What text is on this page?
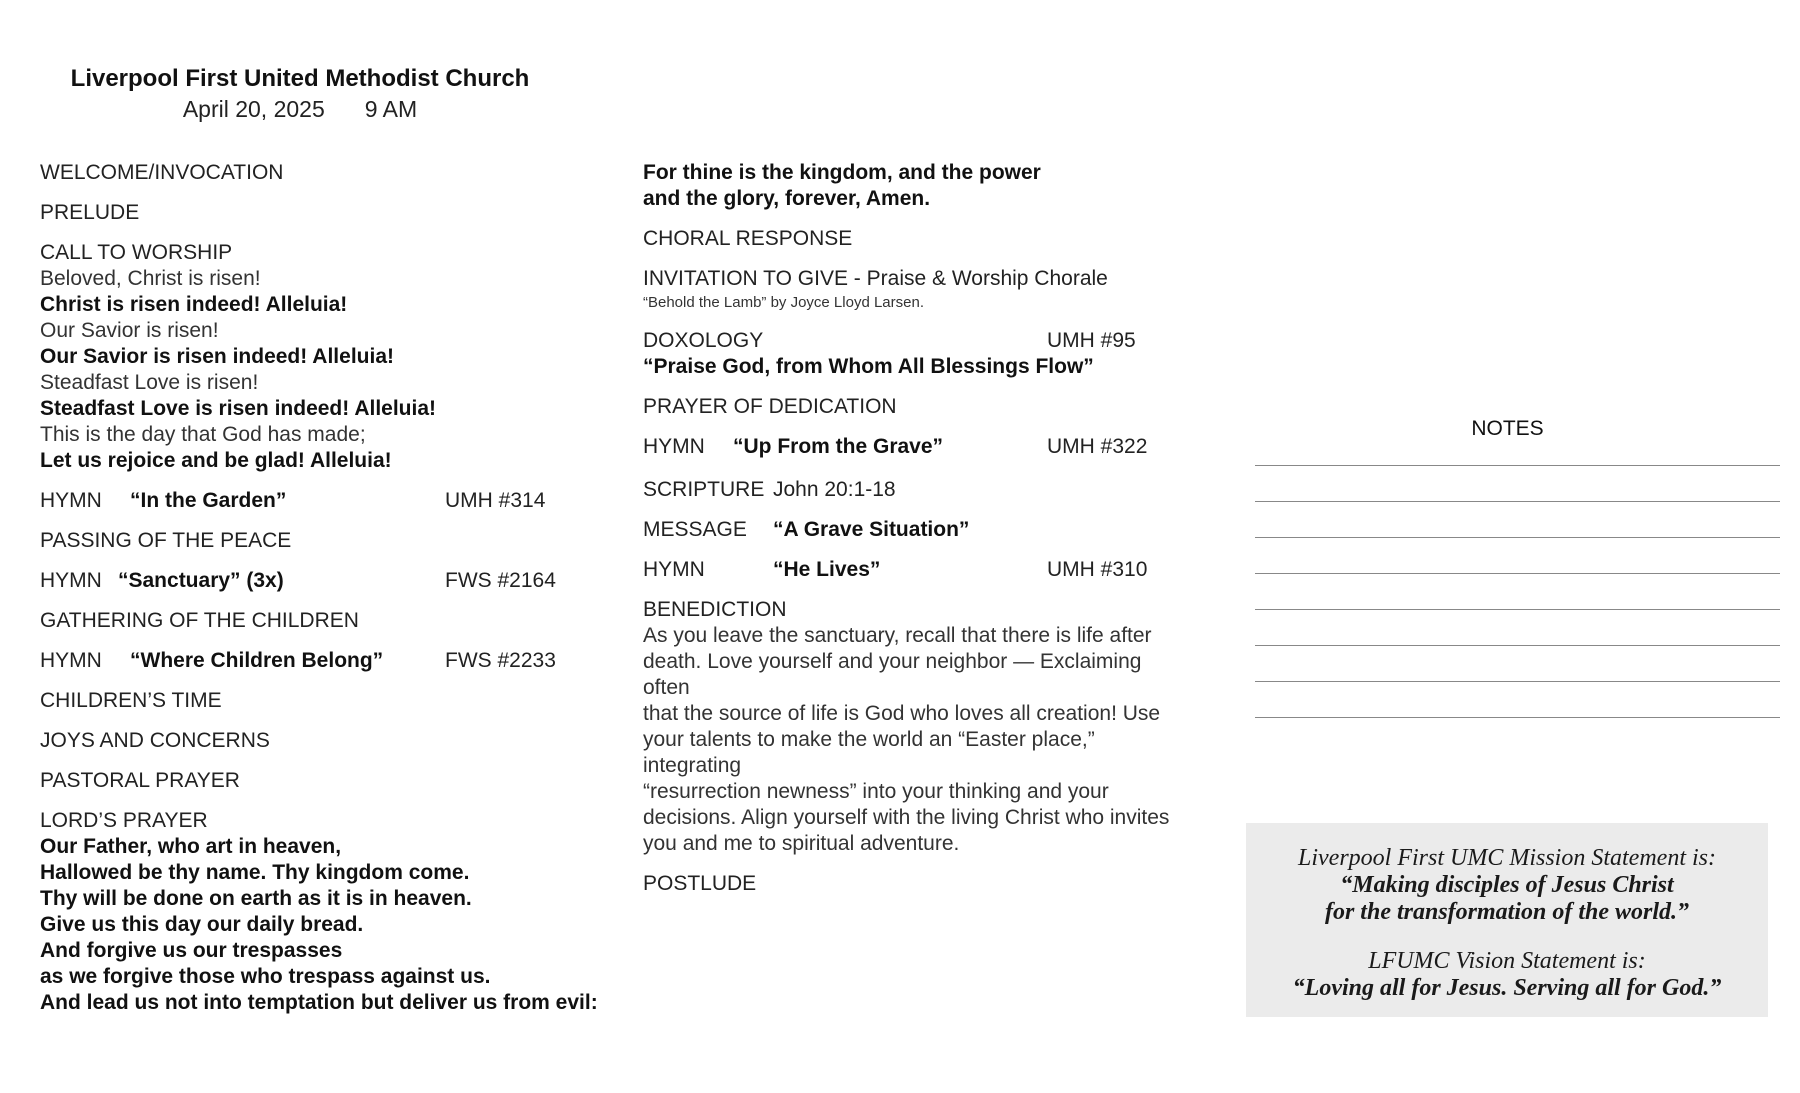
Liverpool First United Methodist Church
April 20, 2025 9 AM
WELCOME/INVOCATION
PRELUDE
CALL TO WORSHIP
Beloved, Christ is risen!
Christ is risen indeed! Alleluia!
Our Savior is risen!
Our Savior is risen indeed! Alleluia!
Steadfast Love is risen!
Steadfast Love is risen indeed! Alleluia!
This is the day that God has made;
Let us rejoice and be glad! Alleluia!
HYMN “In the Garden”	UMH #314
PASSING OF THE PEACE
HYMN “Sanctuary” (3x)	FWS #2164
GATHERING OF THE CHILDREN
HYMN “Where Children Belong”	FWS #2233
CHILDREN’S TIME
JOYS AND CONCERNS
PASTORAL PRAYER
LORD’S PRAYER
Our Father, who art in heaven,
Hallowed be thy name. Thy kingdom come.
Thy will be done on earth as it is in heaven.
Give us this day our daily bread.
And forgive us our trespasses
as we forgive those who trespass against us.
And lead us not into temptation but deliver us from evil:
For thine is the kingdom, and the power
and the glory, forever, Amen.
CHORAL RESPONSE
INVITATION TO GIVE - Praise & Worship Chorale
“Behold the Lamb” by Joyce Lloyd Larsen.
DOXOLOGY	UMH #95
“Praise God, from Whom All Blessings Flow”
PRAYER OF DEDICATION
HYMN “Up From the Grave”	UMH #322
SCRIPTURE John 20:1-18
MESSAGE “A Grave Situation”
HYMN	“He Lives”	UMH #310
BENEDICTION
As you leave the sanctuary, recall that there is life after
death. Love yourself and your neighbor — Exclaiming often
that the source of life is God who loves all creation! Use
your talents to make the world an “Easter place,” integrating
“resurrection newness” into your thinking and your
decisions. Align yourself with the living Christ who invites
you and me to spiritual adventure.
POSTLUDE
NOTES
Liverpool First UMC Mission Statement is:
“Making disciples of Jesus Christ
for the transformation of the world.”
LFUMC Vision Statement is:
“Loving all for Jesus. Serving all for God.”
